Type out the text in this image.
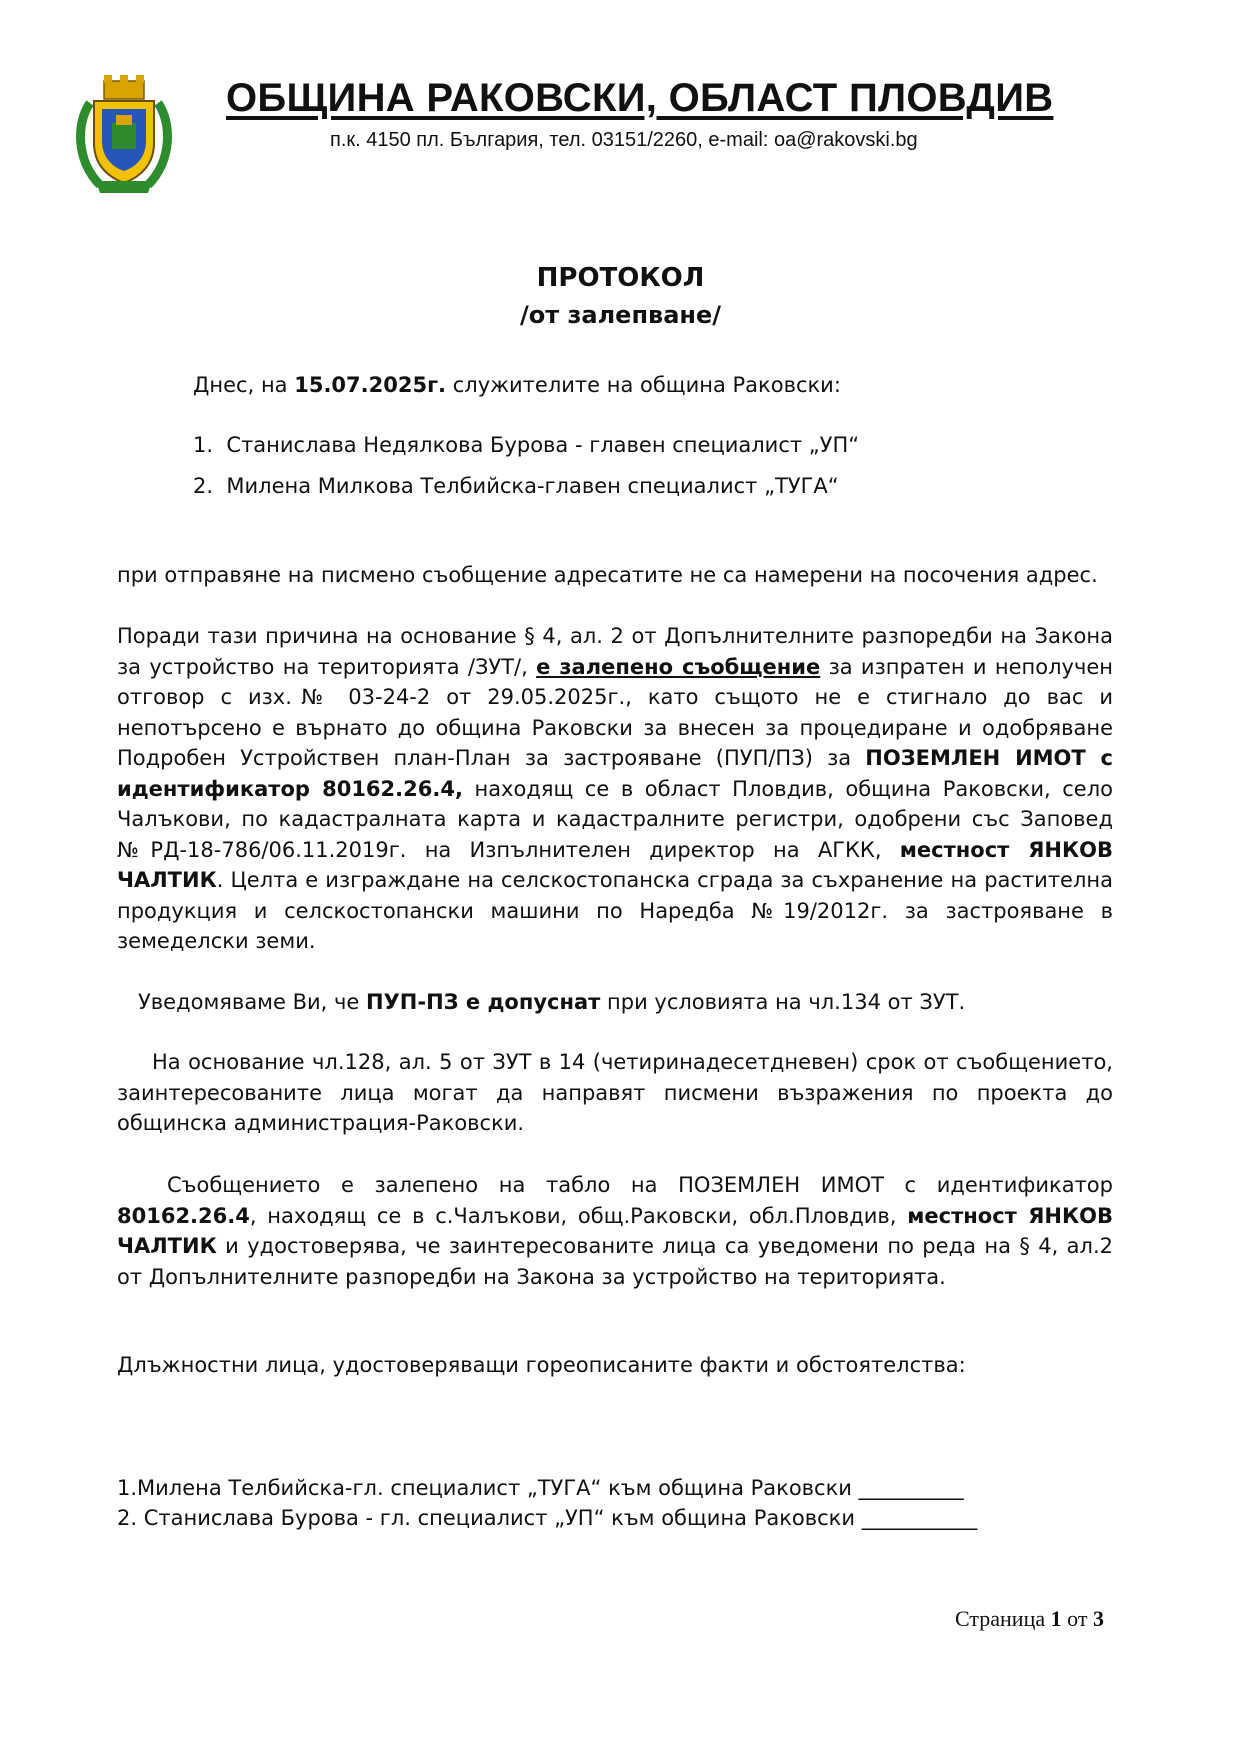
ОБЩИНА РАКОВСКИ, ОБЛАСТ ПЛОВДИВ
п.к. 4150 пл. България, тел. 03151/2260, e-mail: oa@rakovski.bg
ПРОТОКОЛ
/от залепване/
Днес, на 15.07.2025г. служителите на община Раковски:
1. Станислава Недялкова Бурова - главен специалист „УП“
2. Милена Милкова Телбийска-главен специалист „ТУГА“
при отправяне на писмено съобщение адресатите не са намерени на посочения адрес.
Поради тази причина на основание § 4, ал. 2 от Допълнителните разпоредби на Закона за устройство на територията /ЗУТ/, е залепено съобщение за изпратен и неполучен отговор с изх.№ 03-24-2 от 29.05.2025г., като същото не е стигнало до вас и непотърсено е върнато до община Раковски за внесен за процедиране и одобряване Подробен Устройствен план-План за застрояване (ПУП/ПЗ) за ПОЗЕМЛЕН ИМОТ с идентификатор 80162.26.4, находящ се в област Пловдив, община Раковски, село Чалъкови, по кадастралната карта и кадастралните регистри, одобрени със Заповед №РД-18-786/06.11.2019г. на Изпълнителен директор на АГКК, местност ЯНКОВ ЧАЛТИК. Целта е изграждане на селскостопанска сграда за съхранение на растителна продукция и селскостопански машини по Наредба №19/2012г. за застрояване в земеделски земи.
Уведомяваме Ви, че ПУП-ПЗ е допуснат при условията на чл.134 от ЗУТ.
На основание чл.128, ал. 5 от ЗУТ в 14 (четиринадесетдневен) срок от съобщението, заинтересованите лица могат да направят писмени възражения по проекта до общинска администрация-Раковски.
Съобщението е залепено на табло на ПОЗЕМЛЕН ИМОТ с идентификатор 80162.26.4, находящ се в с.Чалъкови, общ.Раковски, обл.Пловдив, местност ЯНКОВ ЧАЛТИК и удостоверява, че заинтересованите лица са уведомени по реда на § 4, ал.2 от Допълнителните разпоредби на Закона за устройство на територията.
Длъжностни лица, удостоверяващи гореописаните факти и обстоятелства:
1.Милена Телбийска-гл. специалист „ТУГА“ към община Раковски __________
2. Станислава Бурова - гл. специалист „УП“ към община Раковски ___________
Страница 1 от 3
